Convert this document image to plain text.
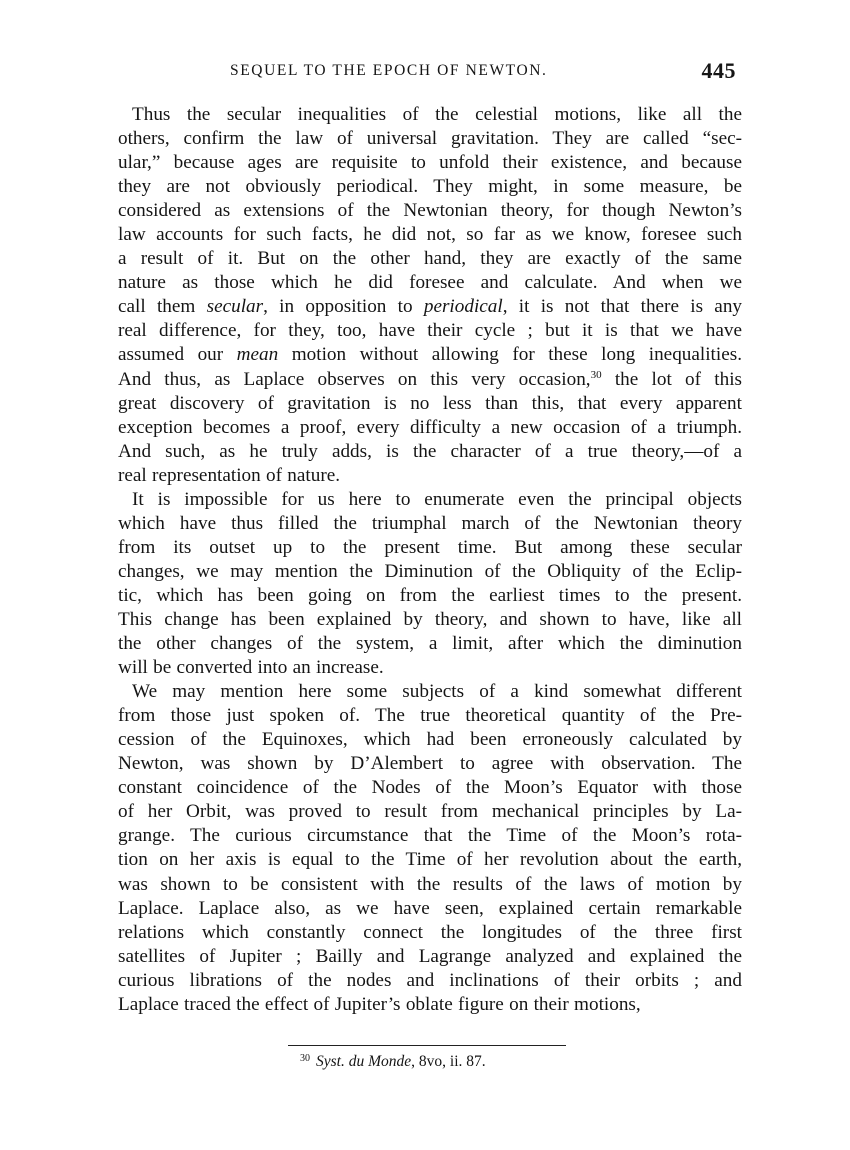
SEQUEL TO THE EPOCH OF NEWTON.	445
Thus the secular inequalities of the celestial motions, like all the
others, confirm the law of universal gravitation. They are called “sec-
ular,” because ages are requisite to unfold their existence, and because
they are not obviously periodical. They might, in some measure, be
considered as extensions of the Newtonian theory, for though Newton’s
law accounts for such facts, he did not, so far as we know, foresee such
a result of it. But on the other hand, they are exactly of the same
nature as those which he did foresee and calculate. And when we
call them secular, in opposition to periodical, it is not that there is any
real difference, for they, too, have their cycle ; but it is that we have
assumed our mean motion without allowing for these long inequalities.
And thus, as Laplace observes on this very occasion,$^{30}$ the lot of this
great discovery of gravitation is no less than this, that every apparent
exception becomes a proof, every difficulty a new occasion of a triumph.
And such, as he truly adds, is the character of a true theory,—of a
real representation of nature.
It is impossible for us here to enumerate even the principal objects
which have thus filled the triumphal march of the Newtonian theory
from its outset up to the present time. But among these secular
changes, we may mention the Diminution of the Obliquity of the Eclip-
tic, which has been going on from the earliest times to the present.
This change has been explained by theory, and shown to have, like all
the other changes of the system, a limit, after which the diminution
will be converted into an increase.
We may mention here some subjects of a kind somewhat different
from those just spoken of. The true theoretical quantity of the Pre-
cession of the Equinoxes, which had been erroneously calculated by
Newton, was shown by D’Alembert to agree with observation. The
constant coincidence of the Nodes of the Moon’s Equator with those
of her Orbit, was proved to result from mechanical principles by La-
grange. The curious circumstance that the Time of the Moon’s rota-
tion on her axis is equal to the Time of her revolution about the earth,
was shown to be consistent with the results of the laws of motion by
Laplace. Laplace also, as we have seen, explained certain remarkable
relations which constantly connect the longitudes of the three first
satellites of Jupiter ; Bailly and Lagrange analyzed and explained the
curious librations of the nodes and inclinations of their orbits ; and
Laplace traced the effect of Jupiter’s oblate figure on their motions,
$^{30}$ Syst. du Monde, 8vo, ii. 87.
